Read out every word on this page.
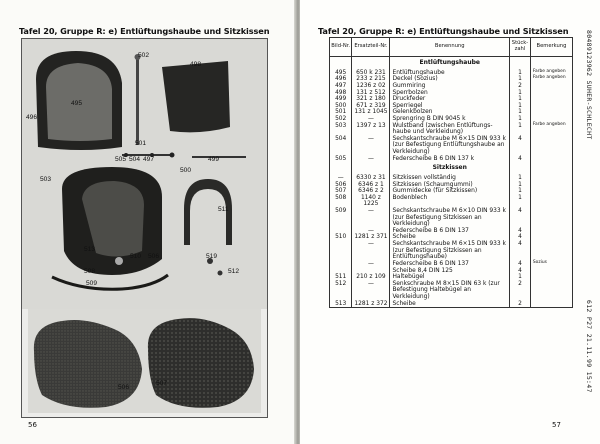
Tafel 20, Gruppe R: e) Entlüftungshaube und Sitzkissen
502
498
495
496
501
503
504
505	497	499
500
511
510 506
513
519
512
509
508
507
506
56
Tafel 20, Gruppe R: e) Entlüftungshaube und Sitzkissen
Bild-Nr.	Ersatzteil-Nr.	Benennung	Stück-zahl	Bemerkung
		Entlüftungshaube		
495	650 k 231	Entlüftungshaube	1	Farbe angeben
496	233 z 215	Deckel (Sozius)	1	Farbe angeben
497	1236 z 02	Gummiring	2	
498	131 z 512	Sperrbolzen	1	
499	321 z 180	Druckfeder	1	
500	671 z 319	Sperriegel	1	
501	131 z 1045	Gelenkbolzen	1	
502	—	Sprengring B DIN 9045 k	1	
503	1397 z 13	Wulstband (zwischen Entlüftungs-haube und Verkleidung)	1	Farbe angeben
504	—	Sechskantschraube M 6×15 DIN 933 k (zur Befestigung Entlüftungshaube an Verkleidung)	4	
505	—	Federscheibe B 6 DIN 137 k	4	
		Sitzkissen		
—	6330 z 31	Sitzkissen vollständig	1	
506	6346 z 1	Sitzkissen (Schaumgummi)	1	
507	6346 z 2	Gummidecke (für Sitzkissen)	1	
508	1140 z 1225	Bodenblech	1	
509	—	Sechskantschraube M 6×10 DIN 933 k (zur Befestigung Sitzkissen an Verkleidung)	4	
	—	Federscheibe B 6 DIN 137	4	
510	1281 z 371	Scheibe	4	
	—	Sechskantschraube M 6×15 DIN 933 k (zur Befestigung Sitzkissen an Entlüftungshaube)	4	
	—	Federscheibe B 6 DIN 137	4	Sozius
		Scheibe 8,4 DIN 125	4	
511	210 z 109	Haltebügel	1	
512	—	Senkschraube M 8×15 DIN 63 k (zur Befestigung Haltebügel an Verkleidung)	2	
513	1281 z 372	Scheibe	2	
80489123962 SUHER-SCHLECHT
612 P27 21.11.99 15:47
57
